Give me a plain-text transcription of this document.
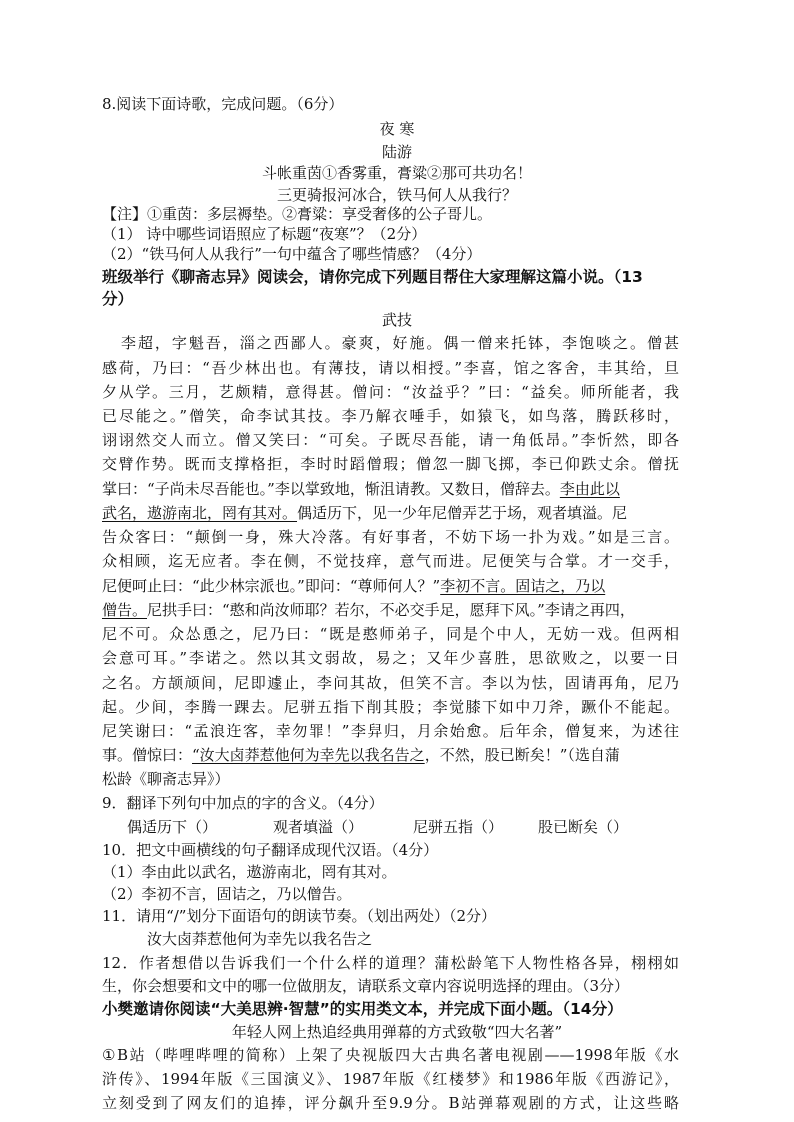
8.阅读下面诗歌，完成问题。（6分）
夜 寒
陆游
斗帐重茵①香雾重，膏粱②那可共功名！
三更骑报河冰合，铁马何人从我行？
【注】①重茵：多层褥垫。②膏粱：享受奢侈的公子哥儿。
（1） 诗中哪些词语照应了标题“夜寒”？（2分）
（2）“铁马何人从我行”一句中蕴含了哪些情感？（4分）
班级举行《聊斋志异》阅读会，请你完成下列题目帮住大家理解这篇小说。（13
分）
武技
李超，字魁吾，淄之西鄙人。豪爽，好施。偶一僧来托钵，李饱啖之。僧甚
感荷，乃曰：“吾少林出也。有薄技，请以相授。”李喜，馆之客舍，丰其给，旦
夕从学。三月，艺颇精，意得甚。僧问：“汝益乎？”曰：“益矣。师所能者，我
已尽能之。”僧笑，命李试其技。李乃解衣唾手，如猿飞，如鸟落，腾跃移时，
诩诩然交人而立。僧又笑曰：“可矣。子既尽吾能，请一角低昂。”李忻然，即各
交臂作势。既而支撑格拒，李时时蹈僧瑕；僧忽一脚飞掷，李已仰跌丈余。僧抚
掌曰：“子尚未尽吾能也。”李以掌致地，惭沮请教。又数日，僧辞去。李由此以
武名，遨游南北，罔有其对。偶适历下，见一少年尼僧弄艺于场，观者填溢。尼
告众客曰：“颠倒一身，殊大冷落。有好事者，不妨下场一扑为戏。”如是三言。
众相顾，迄无应者。李在侧，不觉技痒，意气而进。尼便笑与合掌。才一交手，
尼便呵止曰：“此少林宗派也。”即问：“尊师何人？”李初不言。固诘之，乃以
僧告。尼拱手曰：“憨和尚汝师耶？若尔，不必交手足，愿拜下风。”李请之再四，
尼不可。众怂恿之，尼乃曰：“既是憨师弟子，同是个中人，无妨一戏。但两相
会意可耳。”李诺之。然以其文弱故，易之；又年少喜胜，思欲败之，以要一日
之名。方颉颃间，尼即遽止，李问其故，但笑不言。李以为怯，固请再角，尼乃
起。少间，李腾一踝去。尼骈五指下削其股；李觉膝下如中刀斧，蹶仆不能起。
尼笑谢曰：“孟浪迕客，幸勿罪！”李舁归，月余始愈。后年余，僧复来，为述往
事。僧惊曰：“汝大卤莽惹他何为幸先以我名告之，不然，股已断矣！”（选自蒲
松龄《聊斋志异》）
9．翻译下列句中加点的字的含义。（4分）
偶适历下（）	观者填溢（）	尼骈五指（） 股已断矣（）
10．把文中画横线的句子翻译成现代汉语。（4分）
（1）李由此以武名，遨游南北，罔有其对。
（2）李初不言，固诘之，乃以僧告。
11．请用“/”划分下面语句的朗读节奏。（划出两处）（2分）
汝大卤莽惹他何为幸先以我名告之
12．作者想借以告诉我们一个什么样的道理？蒲松龄笔下人物性格各异，栩栩如
生，你会想要和文中的哪一位做朋友，请联系文章内容说明选择的理由。（3分）
小樊邀请你阅读“大美思辨·智慧”的实用类文本，并完成下面小题。（14分）
年轻人网上热追经典用弹幕的方式致敬“四大名著”
①B站（哔哩哔哩的简称）上架了央视版四大古典名著电视剧——1998年版《水
浒传》、1994年版《三国演义》、1987年版《红楼梦》和1986年版《西游记》，
立刻受到了网友们的追捧，评分飙升至9.9分。B站弹幕观剧的方式，让这些略
